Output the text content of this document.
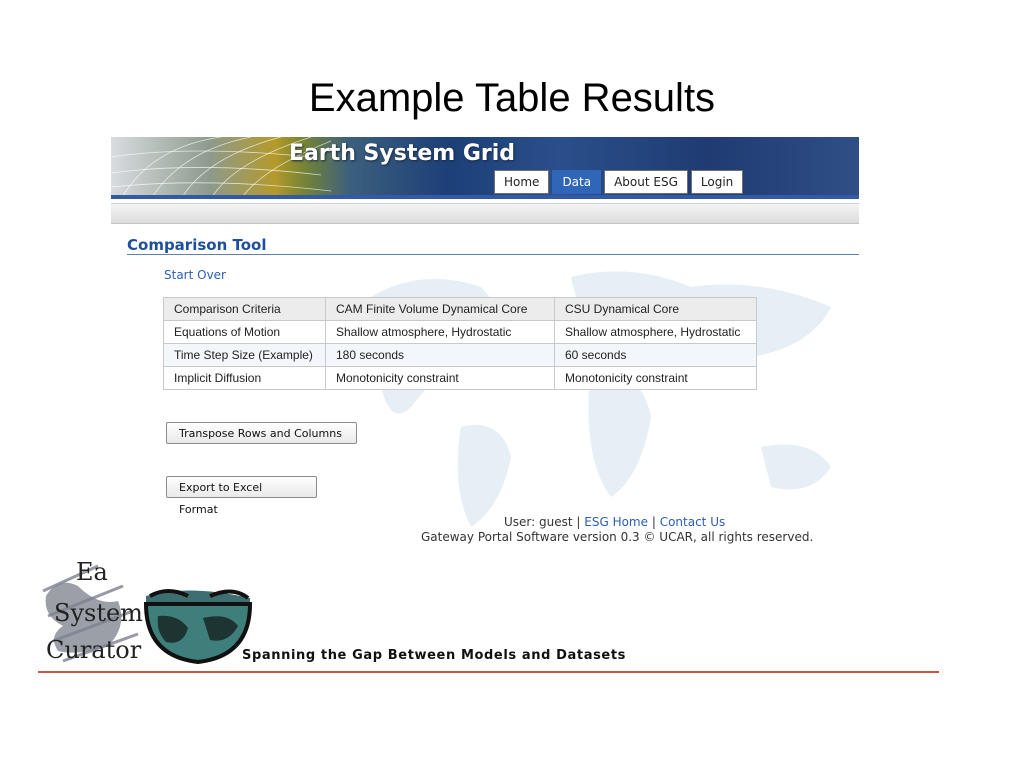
Example Table Results
Earth System Grid
Home	Data	About ESG	Login
Comparison Tool
Start Over
Comparison Criteria	CAM Finite Volume Dynamical Core	CSU Dynamical Core
Equations of Motion	Shallow atmosphere, Hydrostatic	Shallow atmosphere, Hydrostatic
Time Step Size (Example)	180 seconds	60 seconds
Implicit Diffusion	Monotonicity constraint	Monotonicity constraint
Transpose Rows and Columns
Export to Excel Format
User: guest | ESG Home | Contact Us
Gateway Portal Software version 0.3 © UCAR, all rights reserved.
Ea
System
Curator	Spanning the Gap Between Models and Datasets
